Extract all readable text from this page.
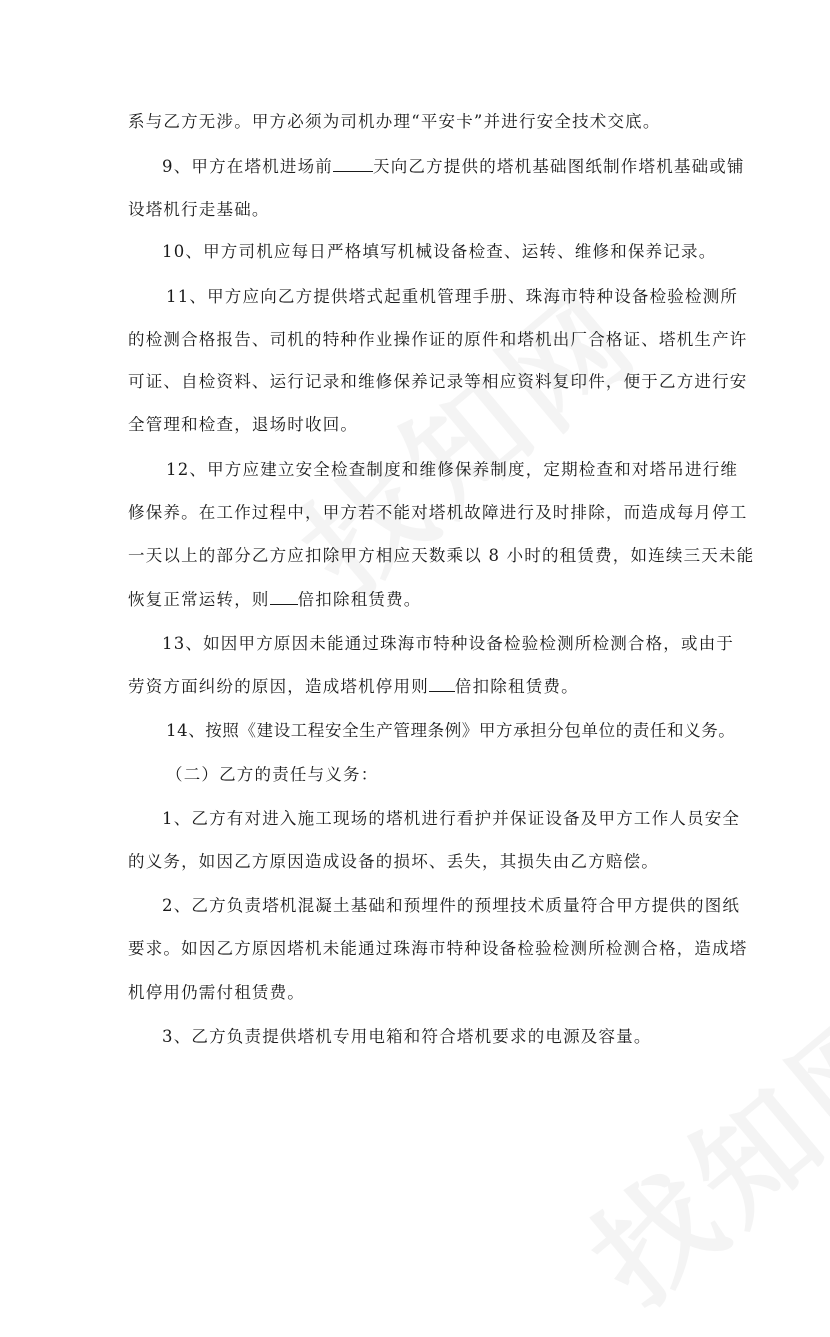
系与乙方无涉。甲方必须为司机办理“平安卡”并进行安全技术交底。
9、甲方在塔机进场前 天向乙方提供的塔机基础图纸制作塔机基础或铺
设塔机行走基础。
10、甲方司机应每日严格填写机械设备检查、运转、维修和保养记录。
11、甲方应向乙方提供塔式起重机管理手册、珠海市特种设备检验检测所
的检测合格报告、司机的特种作业操作证的原件和塔机出厂合格证、塔机生产许
可证、自检资料、运行记录和维修保养记录等相应资料复印件，便于乙方进行安
全管理和检查，退场时收回。
12、甲方应建立安全检查制度和维修保养制度，定期检查和对塔吊进行维
修保养。在工作过程中，甲方若不能对塔机故障进行及时排除，而造成每月停工
一天以上的部分乙方应扣除甲方相应天数乘以 8 小时的租赁费，如连续三天未能
恢复正常运转，则 倍扣除租赁费。
13、如因甲方原因未能通过珠海市特种设备检验检测所检测合格，或由于
劳资方面纠纷的原因，造成塔机停用则 倍扣除租赁费。
14、按照《建设工程安全生产管理条例》甲方承担分包单位的责任和义务。
（二）乙方的责任与义务：
1、乙方有对进入施工现场的塔机进行看护并保证设备及甲方工作人员安全
的义务，如因乙方原因造成设备的损坏、丢失，其损失由乙方赔偿。
2、乙方负责塔机混凝土基础和预埋件的预埋技术质量符合甲方提供的图纸
要求。如因乙方原因塔机未能通过珠海市特种设备检验检测所检测合格，造成塔
机停用仍需付租赁费。
3、乙方负责提供塔机专用电箱和符合塔机要求的电源及容量。
